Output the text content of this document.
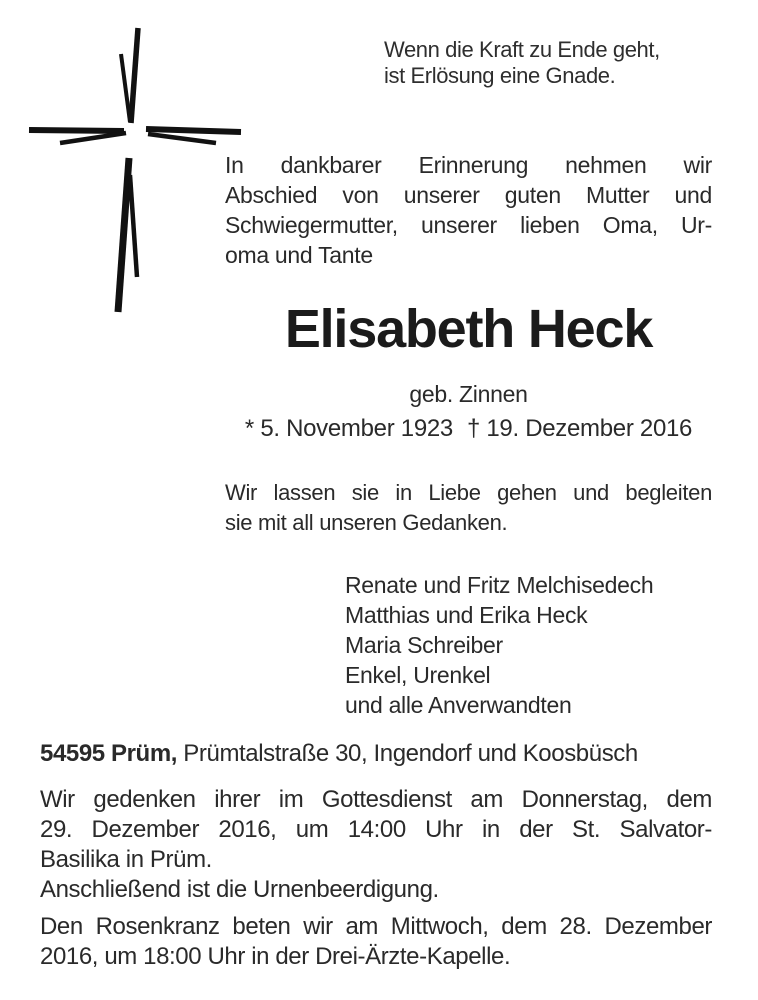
Wenn die Kraft zu Ende geht,
ist Erlösung eine Gnade.
In dankbarer Erinnerung nehmen wir
Abschied von unserer guten Mutter und
Schwiegermutter, unserer lieben Oma, Ur-
oma und Tante
Elisabeth Heck
geb. Zinnen
* 5. November 1923 † 19. Dezember 2016
Wir lassen sie in Liebe gehen und begleiten
sie mit all unseren Gedanken.
Renate und Fritz Melchisedech
Matthias und Erika Heck
Maria Schreiber
Enkel, Urenkel
und alle Anverwandten
54595 Prüm, Prümtalstraße 30, Ingendorf und Koosbüsch
Wir gedenken ihrer im Gottesdienst am Donnerstag, dem
29. Dezember 2016, um 14:00 Uhr in der St. Salvator-
Basilika in Prüm.
Anschließend ist die Urnenbeerdigung.
Den Rosenkranz beten wir am Mittwoch, dem 28. Dezember
2016, um 18:00 Uhr in der Drei-Ärzte-Kapelle.
